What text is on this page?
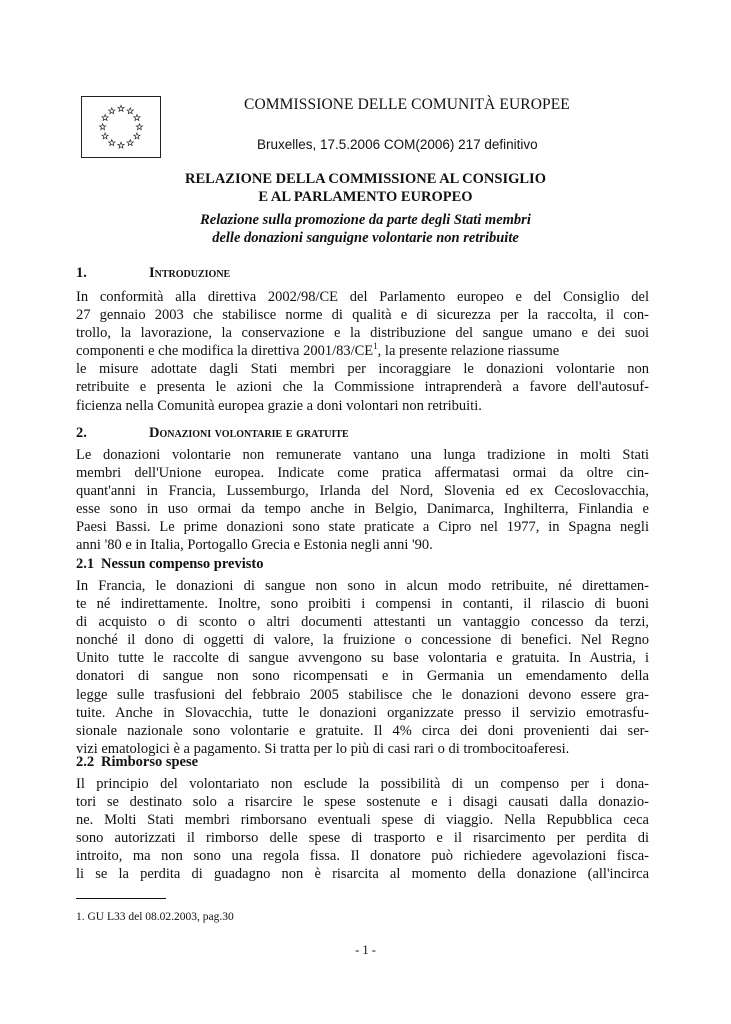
COMMISSIONE DELLE COMUNITÀ EUROPEE
Bruxelles, 17.5.2006 COM(2006) 217 definitivo
RELAZIONE DELLA COMMISSIONE AL CONSIGLIO
E AL PARLAMENTO EUROPEO
Relazione sulla promozione da parte degli Stati membri
delle donazioni sanguigne volontarie non retribuite
1.	Introduzione
In conformità alla direttiva 2002/98/CE del Parlamento europeo e del Consiglio del
27 gennaio 2003 che stabilisce norme di qualità e di sicurezza per la raccolta, il con-
trollo, la lavorazione, la conservazione e la distribuzione del sangue umano e dei suoi
componenti e che modifica la direttiva $2001/83/CE^1$, la presente relazione riassume
le misure adottate dagli Stati membri per incoraggiare le donazioni volontarie non
retribuite e presenta le azioni che la Commissione intraprenderà a favore dell'autosuf-
ficienza nella Comunità europea grazie a doni volontari non retribuiti.
2.	Donazioni volontarie e gratuite
Le donazioni volontarie non remunerate vantano una lunga tradizione in molti Stati
membri dell'Unione europea. Indicate come pratica affermatasi ormai da oltre cin-
quant'anni in Francia, Lussemburgo, Irlanda del Nord, Slovenia ed ex Cecoslovacchia,
esse sono in uso ormai da tempo anche in Belgio, Danimarca, Inghilterra, Finlandia e
Paesi Bassi. Le prime donazioni sono state praticate a Cipro nel 1977, in Spagna negli
anni '80 e in Italia, Portogallo Grecia e Estonia negli anni '90.
2.1 Nessun compenso previsto
In Francia, le donazioni di sangue non sono in alcun modo retribuite, né direttamen-
te né indirettamente. Inoltre, sono proibiti i compensi in contanti, il rilascio di buoni
di acquisto o di sconto o altri documenti attestanti un vantaggio concesso da terzi,
nonché il dono di oggetti di valore, la fruizione o concessione di benefici. Nel Regno
Unito tutte le raccolte di sangue avvengono su base volontaria e gratuita. In Austria, i
donatori di sangue non sono ricompensati e in Germania un emendamento della
legge sulle trasfusioni del febbraio 2005 stabilisce che le donazioni devono essere gra-
tuite. Anche in Slovacchia, tutte le donazioni organizzate presso il servizio emotrasfu-
sionale nazionale sono volontarie e gratuite. Il 4% circa dei doni provenienti dai ser-
vizi ematologici è a pagamento. Si tratta per lo più di casi rari o di trombocitoaferesi.
2.2 Rimborso spese
Il principio del volontariato non esclude la possibilità di un compenso per i dona-
tori se destinato solo a risarcire le spese sostenute e i disagi causati dalla donazio-
ne. Molti Stati membri rimborsano eventuali spese di viaggio. Nella Repubblica ceca
sono autorizzati il rimborso delle spese di trasporto e il risarcimento per perdita di
introito, ma non sono una regola fissa. Il donatore può richiedere agevolazioni fisca-
li se la perdita di guadagno non è risarcita al momento della donazione (all'incirca
1. GU L33 del 08.02.2003, pag.30
- 1 -
